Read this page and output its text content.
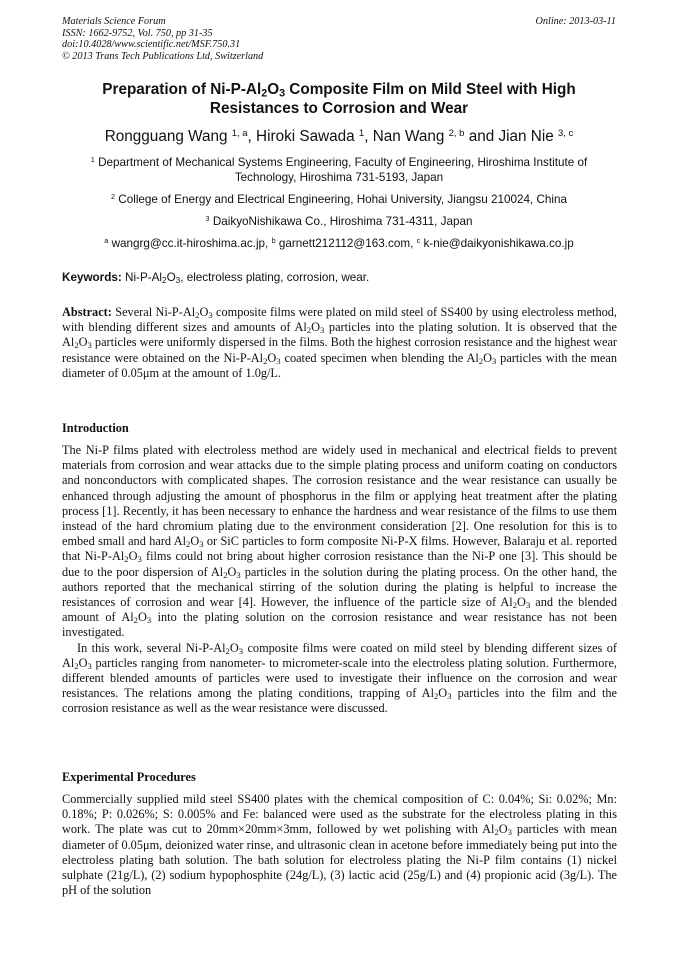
Materials Science Forum
ISSN: 1662-9752, Vol. 750, pp 31-35
doi:10.4028/www.scientific.net/MSF.750.31
© 2013 Trans Tech Publications Ltd, Switzerland
Online: 2013-03-11
Preparation of $Ni-P-Al_2O_3$ Composite Film on Mild Steel with High
Resistances to Corrosion and Wear
Rongguang Wang $^{1, a}$, Hiroki Sawada $^1$, Nan Wang $^{2, b}$ and Jian Nie $^{3, c}$
$^1$ Department of Mechanical Systems Engineering, Faculty of Engineering, Hiroshima Institute of
Technology, Hiroshima 731-5193, Japan
$^2$ College of Energy and Electrical Engineering, Hohai University, Jiangsu 210024, China
$^3$ DaikyoNishikawa Co., Hiroshima 731-4311, Japan
$^a$ wangrg@cc.it-hiroshima.ac.jp, $^b$ garnett212112@163.com, $^c$ k-nie@daikyonishikawa.co.jp
Keywords: $Ni-P-Al_2O_3$, electroless plating, corrosion, wear.

Abstract: Several $Ni-P-Al_2O_3$ composite films were plated on mild steel of SS400 by using electroless method, with blending different sizes and amounts of $Al_2O_3$ particles into the plating solution. It is observed that the $Al_2O_3$ particles were uniformly dispersed in the films. Both the highest corrosion resistance and the highest wear resistance were obtained on the $Ni-P-Al_2O_3$ coated specimen when blending the $Al_2O_3$ particles with the mean diameter of 0.05μm at the amount of 1.0g/L.

Introduction

The Ni-P films plated with electroless method are widely used in mechanical and electrical fields to prevent materials from corrosion and wear attacks due to the simple plating process and uniform coating on conductors and nonconductors with complicated shapes. The corrosion resistance and the wear resistance can usually be enhanced through adjusting the amount of phosphorus in the film or applying heat treatment after the plating process [1]. Recently, it has been necessary to enhance the hardness and wear resistance of the films to use them instead of the hard chromium plating due to the environment consideration [2]. One resolution for this is to embed small and hard $Al_2O_3$ or SiC particles to form composite Ni-P-X films. However, Balaraju et al. reported that $Ni-P-Al_2O_3$ films could not bring about higher corrosion resistance than the Ni-P one [3]. This should be due to the poor dispersion of $Al_2O_3$ particles in the solution during the plating process. On the other hand, the authors reported that the mechanical stirring of the solution during the plating is helpful to increase the resistances of corrosion and wear [4]. However, the influence of the particle size of $Al_2O_3$ and the blended amount of $Al_2O_3$ into the plating solution on the corrosion resistance and wear resistance has not been investigated.

In this work, several $Ni-P-Al_2O_3$ composite films were coated on mild steel by blending different sizes of $Al_2O_3$ particles ranging from nanometer- to micrometer-scale into the electroless plating solution. Furthermore, different blended amounts of particles were used to investigate their influence on the corrosion and wear resistances. The relations among the plating conditions, trapping of $Al_2O_3$ particles into the film and the corrosion resistance as well as the wear resistance were discussed.

Experimental Procedures

Commercially supplied mild steel SS400 plates with the chemical composition of C: 0.04%; Si: 0.02%; Mn: 0.18%; P: 0.026%; S: 0.005% and Fe: balanced were used as the substrate for the electroless plating in this work. The plate was cut to 20mm×20mm×3mm, followed by wet polishing with $Al_2O_3$ particles with mean diameter of 0.05μm, deionized water rinse, and ultrasonic clean in acetone before immediately being put into the electroless plating bath solution. The bath solution for electroless plating the Ni-P film contains (1) nickel sulphate (21g/L), (2) sodium hypophosphite (24g/L), (3) lactic acid (25g/L) and (4) propionic acid (3g/L). The pH of the solution
